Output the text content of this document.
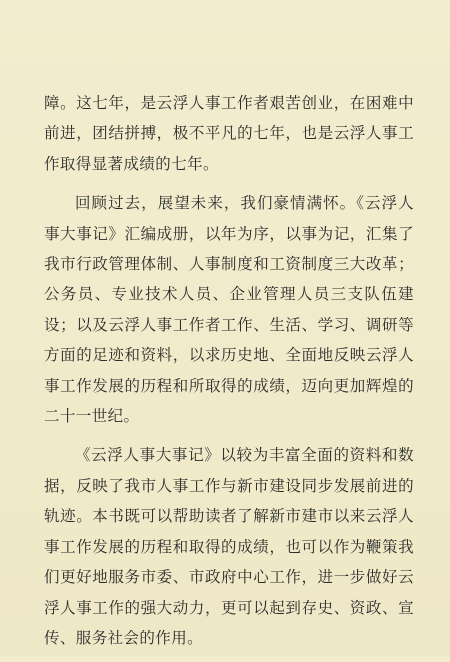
障。这七年，是云浮人事工作者艰苦创业，在困难中前进，团结拼搏，极不平凡的七年，也是云浮人事工作取得显著成绩的七年。

回顾过去，展望未来，我们豪情满怀。《云浮人事大事记》汇编成册，以年为序，以事为记，汇集了我市行政管理体制、人事制度和工资制度三大改革；公务员、专业技术人员、企业管理人员三支队伍建设；以及云浮人事工作者工作、生活、学习、调研等方面的足迹和资料，以求历史地、全面地反映云浮人事工作发展的历程和所取得的成绩，迈向更加辉煌的二十一世纪。

《云浮人事大事记》以较为丰富全面的资料和数据，反映了我市人事工作与新市建设同步发展前进的轨迹。本书既可以帮助读者了解新市建市以来云浮人事工作发展的历程和取得的成绩，也可以作为鞭策我们更好地服务市委、市政府中心工作，进一步做好云浮人事工作的强大动力，更可以起到存史、资政、宣传、服务社会的作用。
